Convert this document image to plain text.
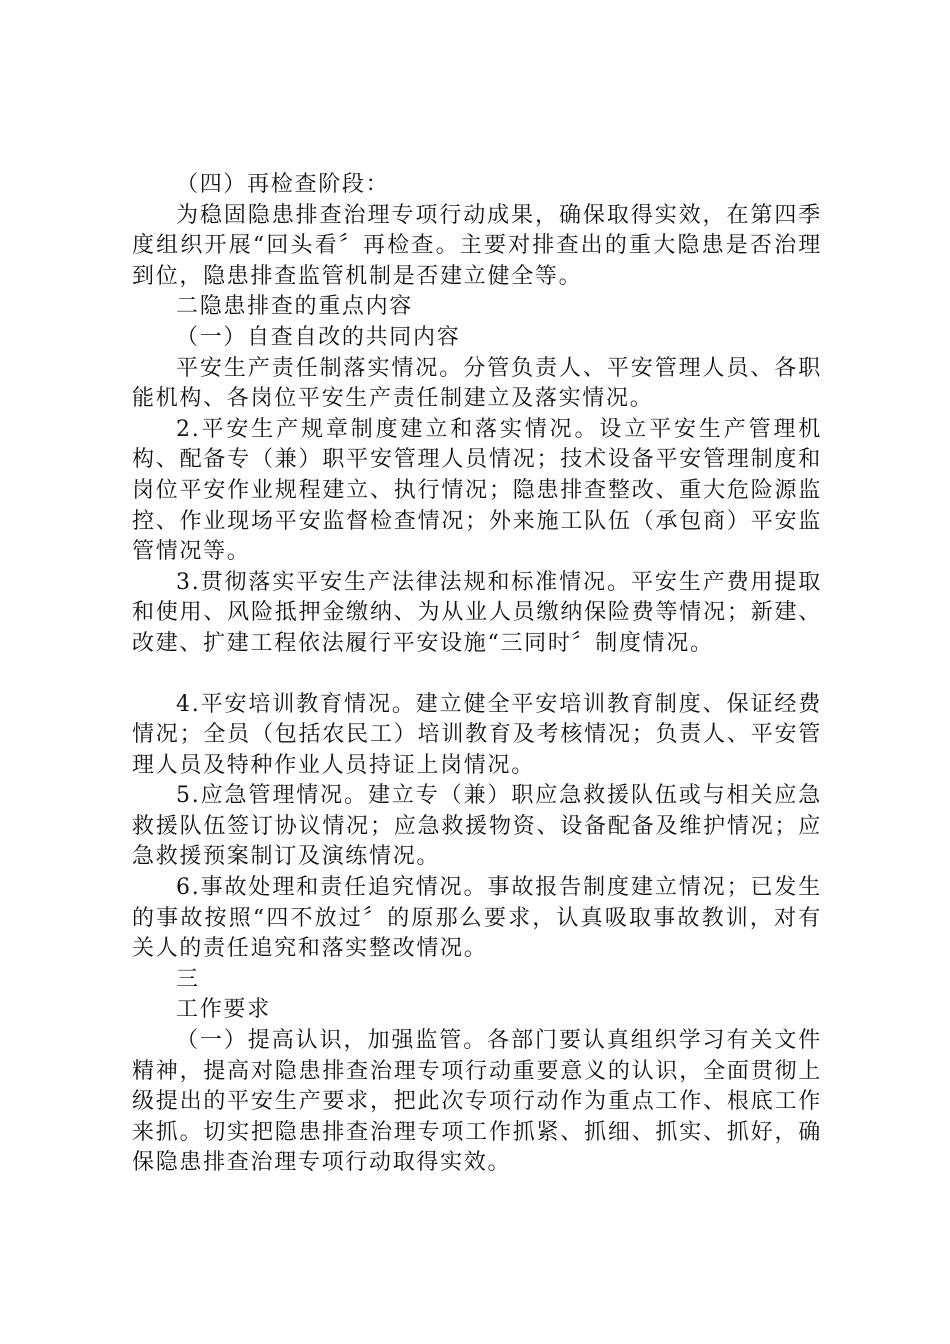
（四）再检查阶段：

为稳固隐患排查治理专项行动成果，确保取得实效，在第四季度组织开展“回头看〞再检查。主要对排查出的重大隐患是否治理到位，隐患排查监管机制是否建立健全等。

二隐患排查的重点内容

（一）自查自改的共同内容

平安生产责任制落实情况。分管负责人、平安管理人员、各职能机构、各岗位平安生产责任制建立及落实情况。

2.平安生产规章制度建立和落实情况。设立平安生产管理机构、配备专（兼）职平安管理人员情况；技术设备平安管理制度和岗位平安作业规程建立、执行情况；隐患排查整改、重大危险源监控、作业现场平安监督检查情况；外来施工队伍（承包商）平安监管情况等。

3.贯彻落实平安生产法律法规和标准情况。平安生产费用提取和使用、风险抵押金缴纳、为从业人员缴纳保险费等情况；新建、改建、扩建工程依法履行平安设施“三同时〞制度情况。

4.平安培训教育情况。建立健全平安培训教育制度、保证经费情况；全员（包括农民工）培训教育及考核情况；负责人、平安管理人员及特种作业人员持证上岗情况。

5.应急管理情况。建立专（兼）职应急救援队伍或与相关应急救援队伍签订协议情况；应急救援物资、设备配备及维护情况；应急救援预案制订及演练情况。

6.事故处理和责任追究情况。事故报告制度建立情况；已发生的事故按照“四不放过〞的原那么要求，认真吸取事故教训，对有关人的责任追究和落实整改情况。

三

工作要求

（一）提高认识，加强监管。各部门要认真组织学习有关文件精神，提高对隐患排查治理专项行动重要意义的认识，全面贯彻上级提出的平安生产要求，把此次专项行动作为重点工作、根底工作来抓。切实把隐患排查治理专项工作抓紧、抓细、抓实、抓好，确保隐患排查治理专项行动取得实效。
